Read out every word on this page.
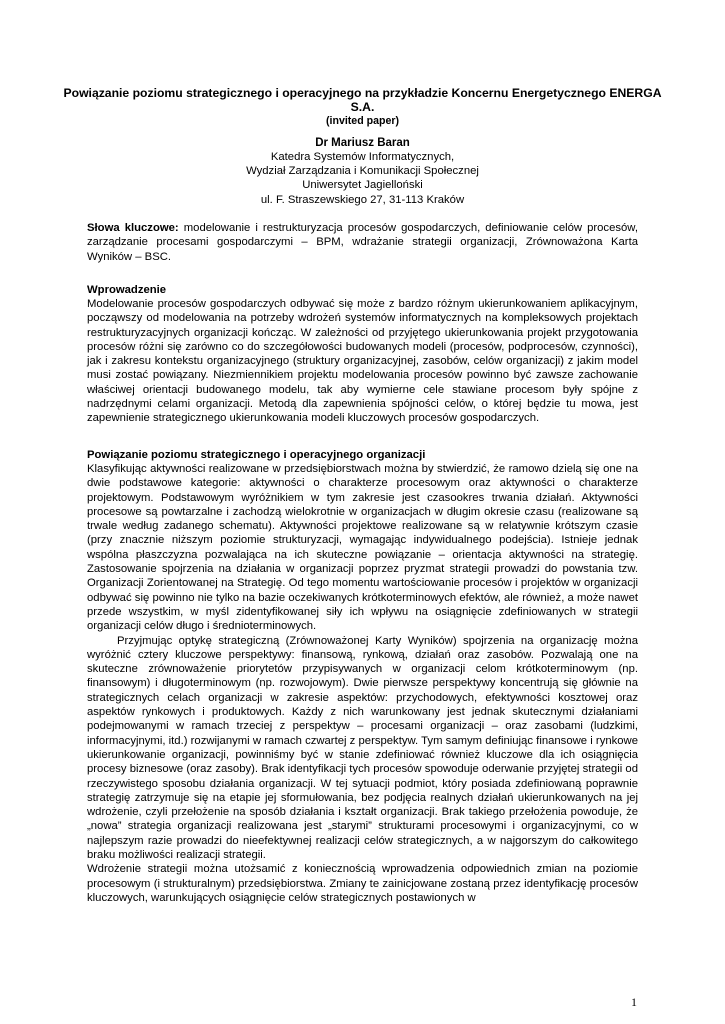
Powiązanie poziomu strategicznego i operacyjnego na przykładzie Koncernu Energetycznego ENERGA S.A.
(invited paper)
Dr Mariusz Baran
Katedra Systemów Informatycznych,
Wydział Zarządzania i Komunikacji Społecznej
Uniwersytet Jagielloński
ul. F. Straszewskiego 27, 31-113 Kraków
Słowa kluczowe: modelowanie i restrukturyzacja procesów gospodarczych, definiowanie celów procesów, zarządzanie procesami gospodarczymi – BPM, wdrażanie strategii organizacji, Zrównoważona Karta Wyników – BSC.
Wprowadzenie

Modelowanie procesów gospodarczych odbywać się może z bardzo różnym ukierunkowaniem aplikacyjnym, począwszy od modelowania na potrzeby wdrożeń systemów informatycznych na kompleksowych projektach restrukturyzacyjnych organizacji kończąc. W zależności od przyjętego ukierunkowania projekt przygotowania procesów różni się zarówno co do szczegółowości budowanych modeli (procesów, podprocesów, czynności), jak i zakresu kontekstu organizacyjnego (struktury organizacyjnej, zasobów, celów organizacji) z jakim model musi zostać powiązany. Niezmiennikiem projektu modelowania procesów powinno być zawsze zachowanie właściwej orientacji budowanego modelu, tak aby wymierne cele stawiane procesom były spójne z nadrzędnymi celami organizacji. Metodą dla zapewnienia spójności celów, o której będzie tu mowa, jest zapewnienie strategicznego ukierunkowania modeli kluczowych procesów gospodarczych.

Powiązanie poziomu strategicznego i operacyjnego organizacji

Klasyfikując aktywności realizowane w przedsiębiorstwach można by stwierdzić, że ramowo dzielą się one na dwie podstawowe kategorie: aktywności o charakterze procesowym oraz aktywności o charakterze projektowym. Podstawowym wyróżnikiem w tym zakresie jest czasookres trwania działań. Aktywności procesowe są powtarzalne i zachodzą wielokrotnie w organizacjach w długim okresie czasu (realizowane są trwale według zadanego schematu). Aktywności projektowe realizowane są w relatywnie krótszym czasie (przy znacznie niższym poziomie strukturyzacji, wymagając indywidualnego podejścia). Istnieje jednak wspólna płaszczyzna pozwalająca na ich skuteczne powiązanie – orientacja aktywności na strategię. Zastosowanie spojrzenia na działania w organizacji poprzez pryzmat strategii prowadzi do powstania tzw. Organizacji Zorientowanej na Strategię. Od tego momentu wartościowanie procesów i projektów w organizacji odbywać się powinno nie tylko na bazie oczekiwanych krótkoterminowych efektów, ale również, a może nawet przede wszystkim, w myśl zidentyfikowanej siły ich wpływu na osiągnięcie zdefiniowanych w strategii organizacji celów długo i średnioterminowych.

Przyjmując optykę strategiczną (Zrównoważonej Karty Wyników) spojrzenia na organizację można wyróżnić cztery kluczowe perspektywy: finansową, rynkową, działań oraz zasobów. Pozwalają one na skuteczne zrównoważenie priorytetów przypisywanych w organizacji celom krótkoterminowym (np. finansowym) i długoterminowym (np. rozwojowym). Dwie pierwsze perspektywy koncentrują się głównie na strategicznych celach organizacji w zakresie aspektów: przychodowych, efektywności kosztowej oraz aspektów rynkowych i produktowych. Każdy z nich warunkowany jest jednak skutecznymi działaniami podejmowanymi w ramach trzeciej z perspektyw – procesami organizacji – oraz zasobami (ludzkimi, informacyjnymi, itd.) rozwijanymi w ramach czwartej z perspektyw. Tym samym definiując finansowe i rynkowe ukierunkowanie organizacji, powinniśmy być w stanie zdefiniować również kluczowe dla ich osiągnięcia procesy biznesowe (oraz zasoby). Brak identyfikacji tych procesów spowoduje oderwanie przyjętej strategii od rzeczywistego sposobu działania organizacji. W tej sytuacji podmiot, który posiada zdefiniowaną poprawnie strategię zatrzymuje się na etapie jej sformułowania, bez podjęcia realnych działań ukierunkowanych na jej wdrożenie, czyli przełożenie na sposób działania i kształt organizacji. Brak takiego przełożenia powoduje, że „nowa” strategia organizacji realizowana jest „starymi” strukturami procesowymi i organizacyjnymi, co w najlepszym razie prowadzi do nieefektywnej realizacji celów strategicznych, a w najgorszym do całkowitego braku możliwości realizacji strategii.

Wdrożenie strategii można utożsamić z koniecznością wprowadzenia odpowiednich zmian na poziomie procesowym (i strukturalnym) przedsiębiorstwa. Zmiany te zainicjowane zostaną przez identyfikację procesów kluczowych, warunkujących osiągnięcie celów strategicznych postawionych w

1
